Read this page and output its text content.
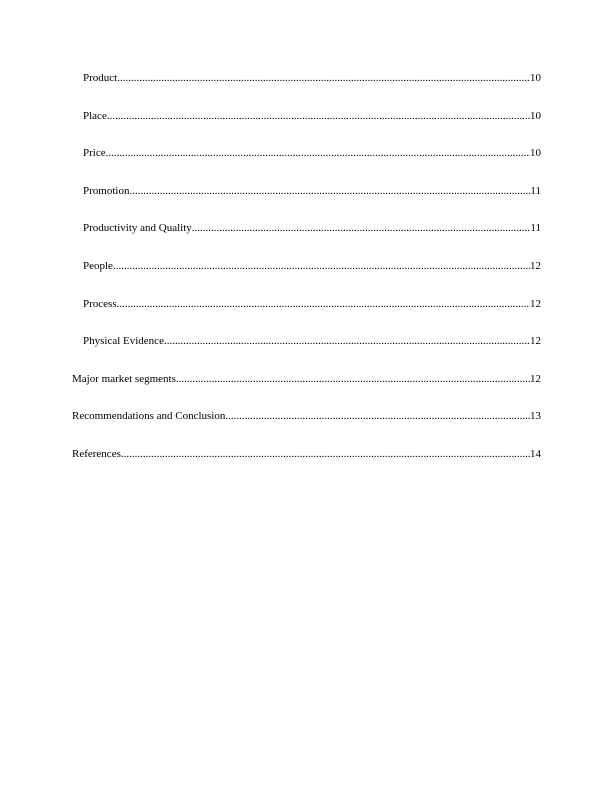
Product .....	10
Place .....	10
Price .....	10
Promotion .....	11
Productivity and Quality .....	11
People .....	12
Process .....	12
Physical Evidence .....	12
Major market segments .....	12
Recommendations and Conclusion .....	13
References .....	14
